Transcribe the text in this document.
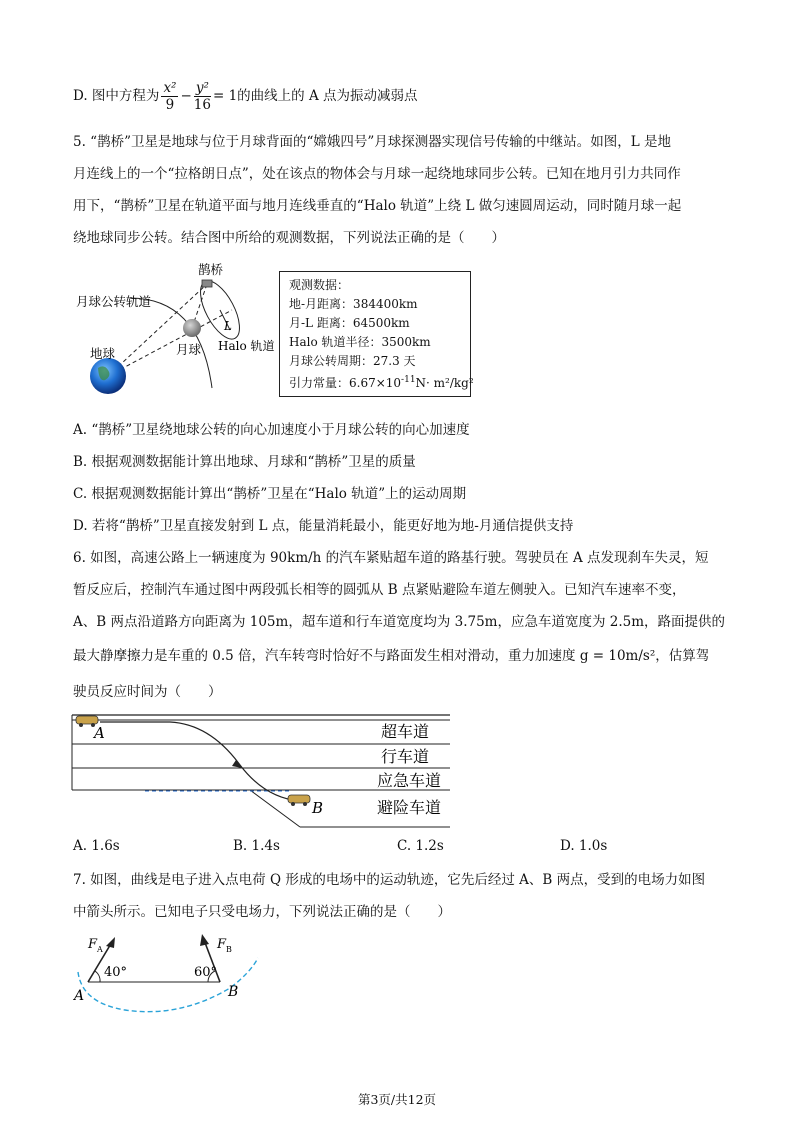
D. 图中方程为 $\frac{\text{x²}}{9} - \frac{\text{y²}}{16} = 1$的曲线上的 A 点为振动减弱点
5. “鹊桥”卫星是地球与位于月球背面的“嫦娥四号”月球探测器实现信号传输的中继站。如图，L 是地
月连线上的一个“拉格朗日点”，处在该点的物体会与月球一起绕地球同步公转。已知在地月引力共同作
用下，“鹊桥”卫星在轨道平面与地月连线垂直的“Halo 轨道”上绕 L 做匀速圆周运动，同时随月球一起
绕地球同步公转。结合图中所给的观测数据，下列说法正确的是（　　）
鹊桥
月球公转轨道
地球	月球
L
Halo 轨道
观测数据：
地-月距离：384400km
月-L 距离：64500km
Halo 轨道半径：3500km
月球公转周期：27.3 天
引力常量：$6.67\times 10^{-11}N\cdot m^2/kg^2$
A. “鹊桥”卫星绕地球公转的向心加速度小于月球公转的向心加速度
B. 根据观测数据能计算出地球、月球和“鹊桥”卫星的质量
C. 根据观测数据能计算出“鹊桥”卫星在“Halo 轨道”上的运动周期
D. 若将“鹊桥”卫星直接发射到 L 点，能量消耗最小，能更好地为地-月通信提供支持
6. 如图，高速公路上一辆速度为 90km/h 的汽车紧贴超车道的路基行驶。驾驶员在 A 点发现刹车失灵，短
暂反应后，控制汽车通过图中两段弧长相等的圆弧从 B 点紧贴避险车道左侧驶入。已知汽车速率不变，
A、B 两点沿道路方向距离为 105m，超车道和行车道宽度均为 3.75m，应急车道宽度为 2.5m，路面提供的
最大静摩擦力是车重的 0.5 倍，汽车转弯时恰好不与路面发生相对滑动，重力加速度 g = 10m/s²，估算驾
驶员反应时间为（　　）
A
B
超车道
行车道
应急车道
避险车道
A. 1.6s	B. 1.4s	C. 1.2s	D. 1.0s
7. 如图，曲线是电子进入点电荷 Q 形成的电场中的运动轨迹，它先后经过 A、B 两点，受到的电场力如图
中箭头所示。已知电子只受电场力，下列说法正确的是（　　）
F A	F B
40°	60°
A	B
第3页/共12页
